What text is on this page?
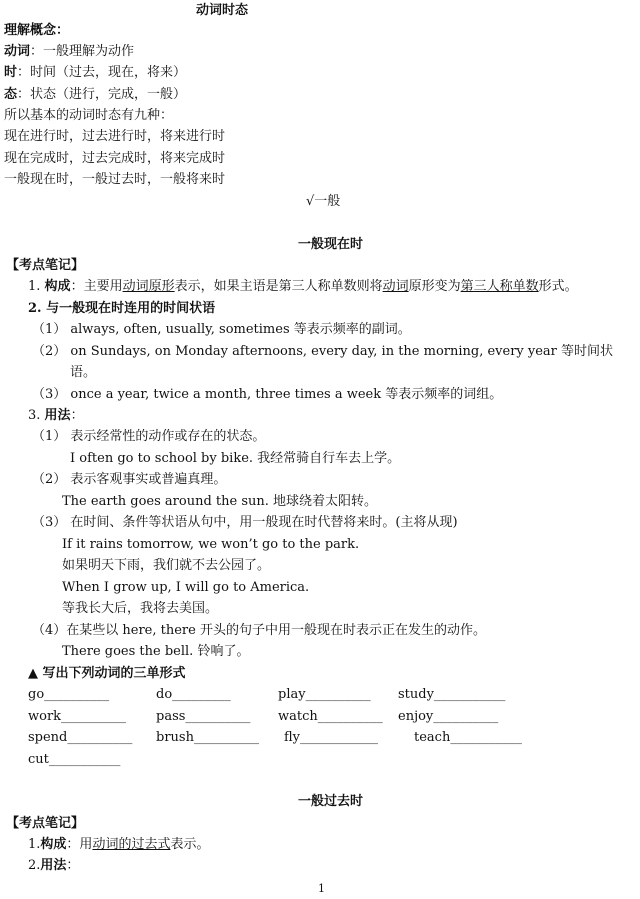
动词时态
理解概念：
动词：一般理解为动作
时：时间（过去，现在，将来）
态：状态（进行，完成，一般）
所以基本的动词时态有九种：
现在进行时，过去进行时，将来进行时
现在完成时，过去完成时，将来完成时
一般现在时，一般过去时，一般将来时
√一般
一般现在时
【考点笔记】
1. 构成：主要用动词原形表示，如果主语是第三人称单数则将动词原形变为第三人称单数形式。
2. 与一般现在时连用的时间状语
（1） always, often, usually, sometimes 等表示频率的副词。
（2） on Sundays, on Monday afternoons, every day, in the morning, every year 等时间状
语。
（3） once a year, twice a month, three times a week 等表示频率的词组。
3. 用法：
（1） 表示经常性的动作或存在的状态。
I often go to school by bike. 我经常骑自行车去上学。
（2） 表示客观事实或普遍真理。
The earth goes around the sun. 地球绕着太阳转。
（3） 在时间、条件等状语从句中，用一般现在时代替将来时。(主将从现)
If it rains tomorrow, we won’t go to the park.
如果明天下雨，我们就不去公园了。
When I grow up, I will go to America.
等我长大后，我将去美国。
（4）在某些以 here, there 开头的句子中用一般现在时表示正在发生的动作。
There goes the bell. 铃响了。
▲ 写出下列动词的三单形式
go__________	do_________	play__________ study___________
work__________ pass__________ watch__________ enjoy__________
spend__________ brush__________ fly____________	teach___________
cut___________
一般过去时
【考点笔记】
1.构成：用动词的过去式表示。
2.用法：
1
